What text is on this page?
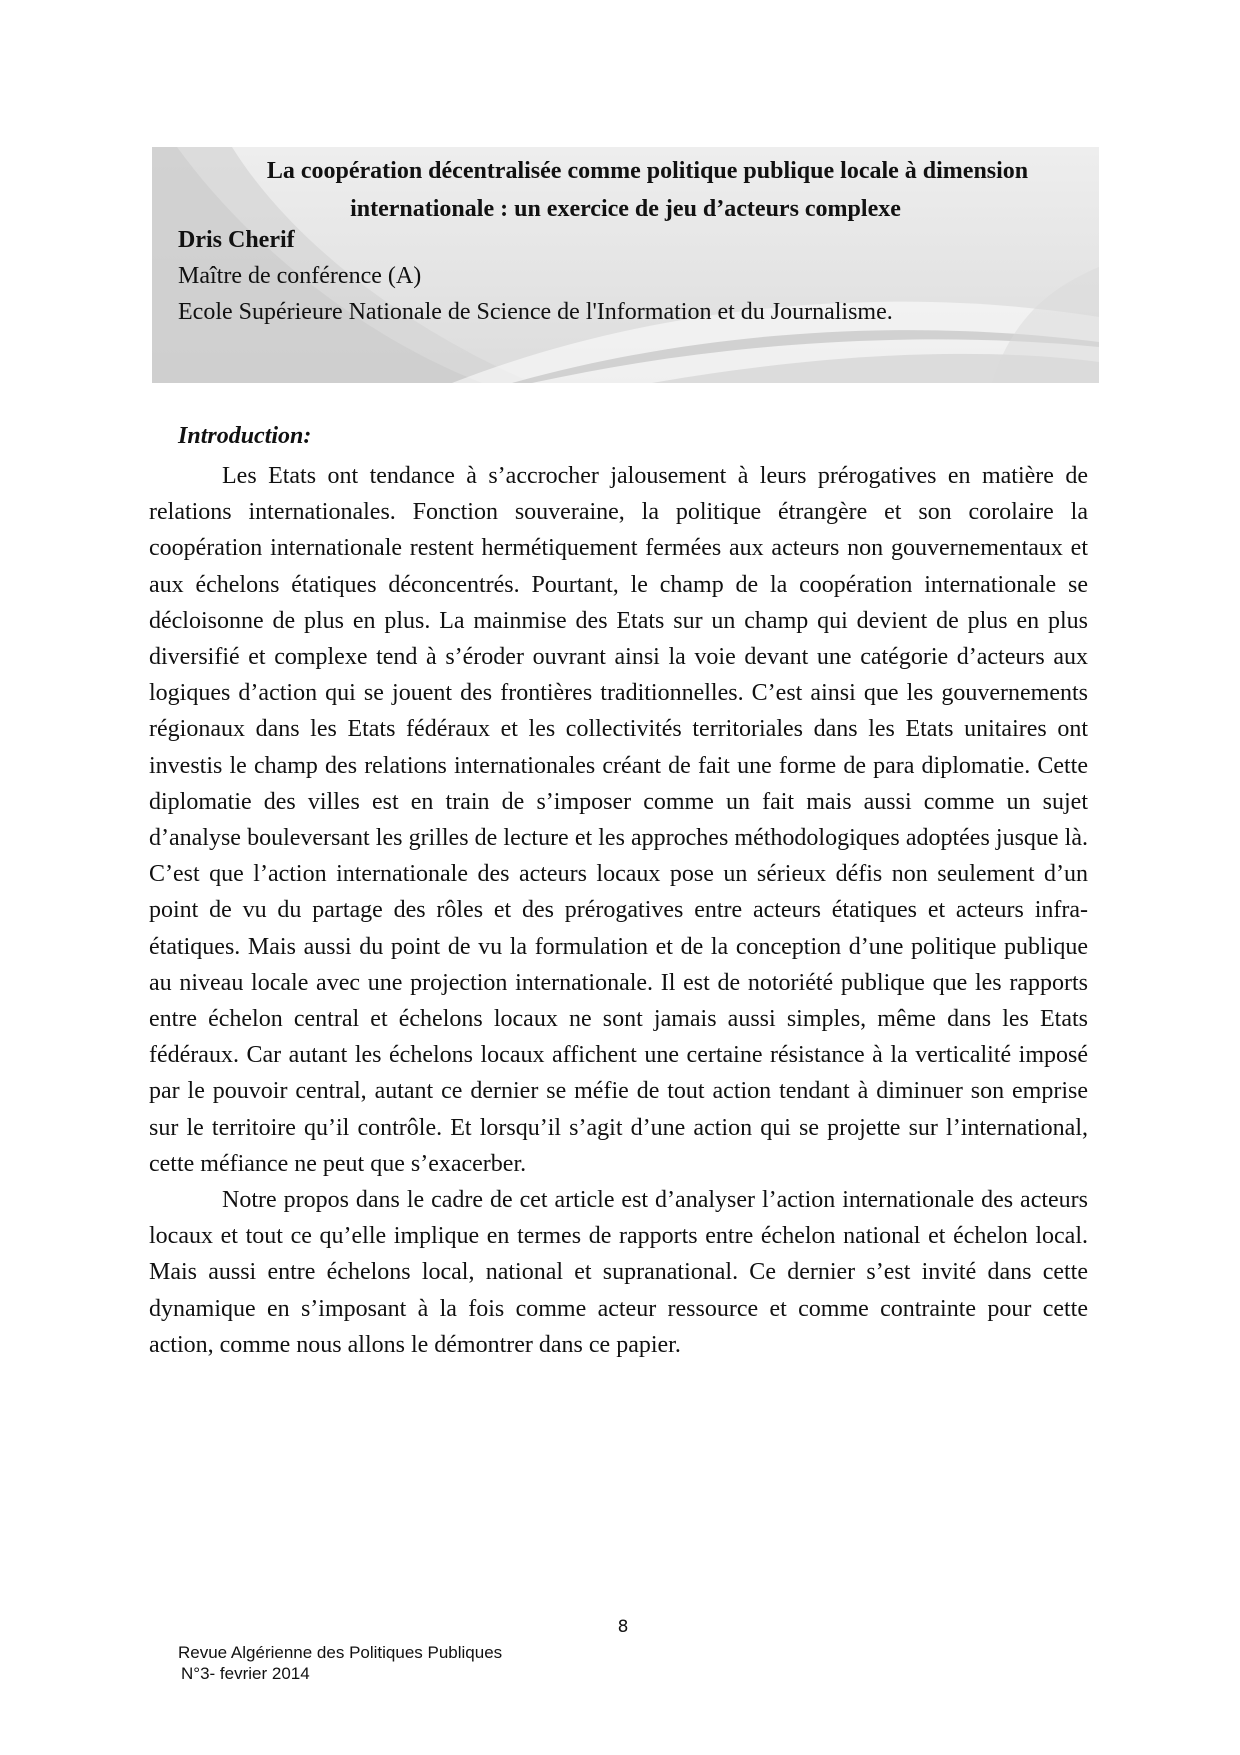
La coopération décentralisée comme politique publique locale à dimension
internationale : un exercice de jeu d’acteurs complexe

Dris Cherif

Maître de conférence (A)

Ecole Supérieure Nationale de Science de l'Information et du Journalisme.

Introduction:

Les Etats ont tendance à s’accrocher jalousement à leurs prérogatives en matière de relations internationales. Fonction souveraine, la politique étrangère et son corolaire la coopération internationale restent hermétiquement fermées aux acteurs non gouvernementaux et aux échelons étatiques déconcentrés. Pourtant, le champ de la coopération internationale se décloisonne de plus en plus. La mainmise des Etats sur un champ qui devient de plus en plus diversifié et complexe tend à s’éroder ouvrant ainsi la voie devant une catégorie d’acteurs aux logiques d’action qui se jouent des frontières traditionnelles. C’est ainsi que les gouvernements régionaux dans les Etats fédéraux et les collectivités territoriales dans les Etats unitaires ont investis le champ des relations internationales créant de fait une forme de para diplomatie. Cette diplomatie des villes est en train de s’imposer comme un fait mais aussi comme un sujet d’analyse bouleversant les grilles de lecture et les approches méthodologiques adoptées jusque là. C’est que l’action internationale des acteurs locaux pose un sérieux défis non seulement d’un point de vu du partage des rôles et des prérogatives entre acteurs étatiques et acteurs infra-étatiques. Mais aussi du point de vu la formulation et de la conception d’une politique publique au niveau locale avec une projection internationale. Il est de notoriété publique que les rapports entre échelon central et échelons locaux ne sont jamais aussi simples, même dans les Etats fédéraux. Car autant les échelons locaux affichent une certaine résistance à la verticalité imposé par le pouvoir central, autant ce dernier se méfie de tout action tendant à diminuer son emprise sur le territoire qu’il contrôle. Et lorsqu’il s’agit d’une action qui se projette sur l’international, cette méfiance ne peut que s’exacerber.

Notre propos dans le cadre de cet article est d’analyser l’action internationale des acteurs locaux et tout ce qu’elle implique en termes de rapports entre échelon national et échelon local. Mais aussi entre échelons local, national et supranational. Ce dernier s’est invité dans cette dynamique en s’imposant à la fois comme acteur ressource et comme contrainte pour cette action, comme nous allons le démontrer dans ce papier.

8

Revue Algérienne des Politiques Publiques
N°3- fevrier 2014
